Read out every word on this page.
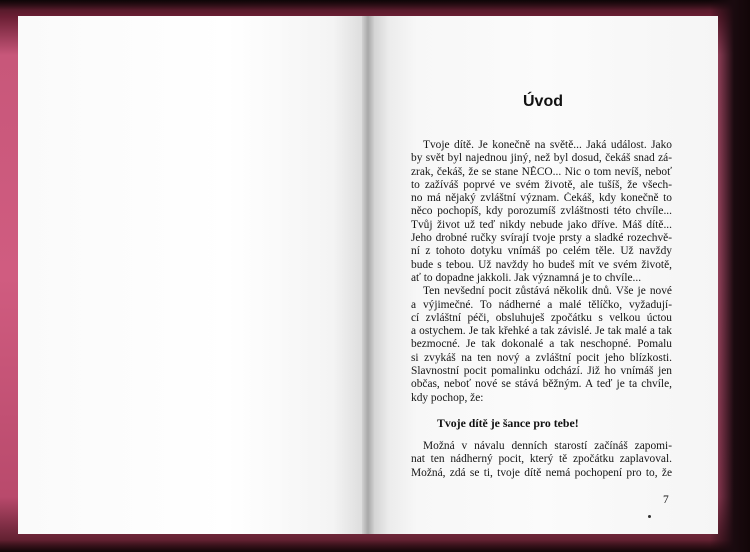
Úvod

Tvoje dítě. Je konečně na světě... Jaká událost. Jako

by svět byl najednou jiný, než byl dosud, čekáš snad zá-

zrak, čekáš, že se stane NĚCO... Nic o tom nevíš, neboť

to zažíváš poprvé ve svém životě, ale tušíš, že všech-

no má nějaký zvláštní význam. Čekáš, kdy konečně to

něco pochopíš, kdy porozumíš zvláštnosti této chvíle...

Tvůj život už teď nikdy nebude jako dříve. Máš dítě...

Jeho drobné ručky svírají tvoje prsty a sladké rozechvě-

ní z tohoto dotyku vnímáš po celém těle. Už navždy

bude s tebou. Už navždy ho budeš mít ve svém životě,

ať to dopadne jakkoli. Jak významná je to chvíle...

Ten nevšední pocit zůstává několik dnů. Vše je nové

a výjimečné. To nádherné a malé tělíčko, vyžadují-

cí zvláštní péči, obsluhuješ zpočátku s velkou úctou

a ostychem. Je tak křehké a tak závislé. Je tak malé a tak

bezmocné. Je tak dokonalé a tak neschopné. Pomalu

si zvykáš na ten nový a zvláštní pocit jeho blízkosti.

Slavnostní pocit pomalinku odchází. Již ho vnímáš jen

občas, neboť nové se stává běžným. A teď je ta chvíle,

kdy pochop, že:

Tvoje dítě je šance pro tebe!

Možná v návalu denních starostí začínáš zapomi-

nat ten nádherný pocit, který tě zpočátku zaplavoval.

Možná, zdá se ti, tvoje dítě nemá pochopení pro to, že

7
